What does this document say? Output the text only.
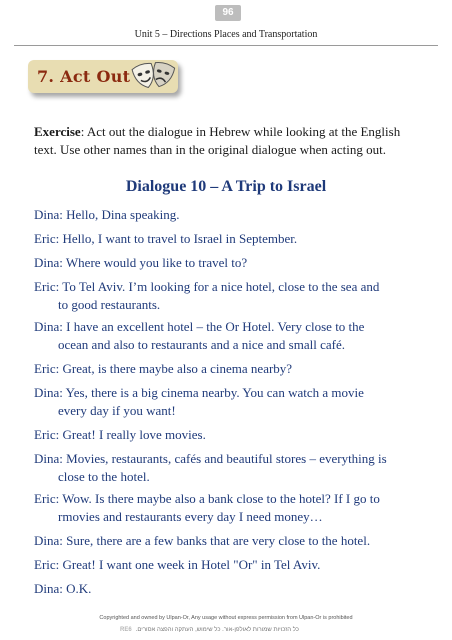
96
Unit 5 – Directions Places and Transportation
7. Act Out
Exercise: Act out the dialogue in Hebrew while looking at the English text. Use other names than in the original dialogue when acting out.
Dialogue 10 – A Trip to Israel
Dina: Hello, Dina speaking.
Eric: Hello, I want to travel to Israel in September.
Dina: Where would you like to travel to?
Eric: To Tel Aviv. I’m looking for a nice hotel, close to the sea and
to good restaurants.
Dina: I have an excellent hotel – the Or Hotel. Very close to the
ocean and also to restaurants and a nice and small café.
Eric: Great, is there maybe also a cinema nearby?
Dina: Yes, there is a big cinema nearby. You can watch a movie
every day if you want!
Eric: Great! I really love movies.
Dina: Movies, restaurants, cafés and beautiful stores – everything is
close to the hotel.
Eric: Wow. Is there maybe also a bank close to the hotel? If I go to
rmovies and restaurants every day I need money…
Dina: Sure, there are a few banks that are very close to the hotel.
Eric: Great! I want one week in Hotel "Or" in Tel Aviv.
Dina: O.K.
Copyrighted and owned by Ulpan-Or, Any usage without express permission from Ulpan-Or is prohibited
RE6 כל הזכויות שמורות לאולפן-אור. כל שימוש, העתקה והפצה אסורים.
